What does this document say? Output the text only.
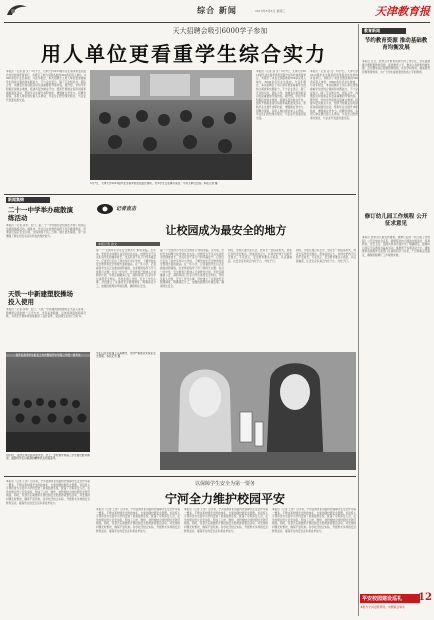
综合 新闻	2013年5月8日 星期三	天津教育报
天大招聘会吸引6000学子参加
用人单位更看重学生综合实力
本报讯（记者 孙 文）5月7日，天津大学2013届毕业生春季供需见面会在该校体育馆举行，共吸引了来自全国各地的300余家用人单位、6000余名毕业生参加。与往年相比，本次招聘会上用人单位更加看重学生的综合素质和实践能力，不少企业表示，除了专业知识外，团队合作、沟通表达和创新意识也是重要的考察内容。据介绍，学校今年积极拓宽就业渠道，搭建多层次就业平台，组织开展就业指导讲座和模拟面试活动，帮助毕业生提升求职技能，增强就业竞争力。招聘会现场，各用人单位展位前人头攒动，毕业生们纷纷递交简历，与企业代表面对面交流。
本报讯（记者 孙 文）5月7日，天津大学2013届毕业生春季供需见面会在该校体育馆举行，共吸引了来自全国各地的300余家用人单位、6000余名毕业生参加。与往年相比，本次招聘会上用人单位更加看重学生的综合素质和实践能力，不少企业表示，除了专业知识外，团队合作、沟通表达和创新意识也是重要的考察内容。据介绍，学校今年积极拓宽就业渠道，搭建多层次就业平台，组织开展就业指导讲座和模拟面试活动，帮助毕业生提升求职技能，增强就业竞争力。招聘会现场，各用人单位展位前人头攒动，毕业生们纷纷递交简历，与企业代表面对面交流。
本报讯（记者 孙 文）5月7日，天津大学2013届毕业生春季供需见面会在该校体育馆举行，共吸引了来自全国各地的300余家用人单位、6000余名毕业生参加。与往年相比，本次招聘会上用人单位更加看重学生的综合素质和实践能力，不少企业表示，除了专业知识外，团队合作、沟通表达和创新意识也是重要的考察内容。据介绍，学校今年积极拓宽就业渠道，搭建多层次就业平台，组织开展就业指导讲座和模拟面试活动，帮助毕业生提升求职技能，增强就业竞争力。招聘会现场，各用人单位展位前人头攒动，毕业生们纷纷递交简历，与企业代表面对面交流。
5月7日，天津大学2013届毕业生春季供需见面会现场，众多学生正在填写简历、与用人单位洽谈。本报记者 摄
新闻集锦
二十一中学举办疏散演练活动
本报讯（记者 张华）近日，第二十一中学组织全校师生开展了防灾应急疏散演练活动。演练中，学生们在老师的指挥下有序撤离教室，迅速到达指定安全区域，全程用时不到三分钟。通过此次演练，进一步增强了师生的安全意识和自我保护能力。
天铁一中新建塑胶操场投入使用
本报讯（记者 李明）近日，天铁一中新建的塑胶操场正式投入使用。新操场总面积约一万平方米，设有标准跑道、足球场和篮球场等设施，为学生开展体育锻炼提供了良好条件，受到师生们的广泛好评。
南开区高考学生报名工作会暨南开中学高三年级一模考试
5月3日，南开区举行高考动员会。会上，学校领导向高三学生提出殷切期望，鼓励同学们以饱满的精神状态迎接高考。
记者直击
让校园成为最安全的地方
本报记者 孙文
第一个'全国中小学生安全教育日'即将来临。近年来，学校安全问题日益受到社会关注。校园安全不仅关系到学生的健康成长，也关系到千家万户的幸福安宁。记者近日走访了我市多所中小学校，了解学校在安全教育和安全管理方面的做法。在一所小学，记者看到学生们正在参加消防演练，在老师的指导下学习使用灭火器；在另一所中学，安全教育已经纳入日常教学计划，学校定期邀请公安、消防等部门专家为学生讲授安全知识。学校负责人介绍，安全工作无小事，学校建立了完善的安全管理制度，明确责任分工，加强校园周边环境治理，确保师生安全。
第一个'全国中小学生安全教育日'即将来临。近年来，学校安全问题日益受到社会关注。校园安全不仅关系到学生的健康成长，也关系到千家万户的幸福安宁。记者近日走访了我市多所中小学校，了解学校在安全教育和安全管理方面的做法。在一所小学，记者看到学生们正在参加消防演练，在老师的指导下学习使用灭火器；在另一所中学，安全教育已经纳入日常教学计划，学校定期邀请公安、消防等部门专家为学生讲授安全知识。学校负责人介绍，安全工作无小事，学校建立了完善的安全管理制度，明确责任分工，加强校园周边环境治理，确保师生安全。
同时，学校还通过家长会、致家长一封信等形式，向家长宣传安全知识，形成家校合力，共同守护孩子们的平安成长。专家表示，安全教育要从小抓起，从点滴做起，让安全意识真正内化于心、外化于行。
同时，学校还通过家长会、致家长一封信等形式，向家长宣传安全知识，形成家校合力，共同守护孩子们的平安成长。专家表示，安全教育要从小抓起，从点滴做起，让安全意识真正内化于心、外化于行。
学生们在实验课上认真操作，学校严格规范实验室安全管理。本报记者 摄
以保障学生安全为第一要务
宁河全力维护校园平安
本报讯（记者 王伟）近年来，宁河县教育系统始终把保障学生安全作为第一要务，不断完善校园安全防控体系，全面加强校园安全管理。该县投入专项资金为全县中小学校安装了视频监控系统，配备了专职保安人员，在学校周边设立治安岗亭，形成了人防、物防、技防相结合的校园安全防范网络。同时，该县还定期组织开展校园安全隐患排查整治活动，对发现的问题及时整改，确保不留死角。各学校还结合实际，开展形式多样的安全教育活动，提高学生的安全意识和自护能力。
本报讯（记者 王伟）近年来，宁河县教育系统始终把保障学生安全作为第一要务，不断完善校园安全防控体系，全面加强校园安全管理。该县投入专项资金为全县中小学校安装了视频监控系统，配备了专职保安人员，在学校周边设立治安岗亭，形成了人防、物防、技防相结合的校园安全防范网络。同时，该县还定期组织开展校园安全隐患排查整治活动，对发现的问题及时整改，确保不留死角。各学校还结合实际，开展形式多样的安全教育活动，提高学生的安全意识和自护能力。
本报讯（记者 王伟）近年来，宁河县教育系统始终把保障学生安全作为第一要务，不断完善校园安全防控体系，全面加强校园安全管理。该县投入专项资金为全县中小学校安装了视频监控系统，配备了专职保安人员，在学校周边设立治安岗亭，形成了人防、物防、技防相结合的校园安全防范网络。同时，该县还定期组织开展校园安全隐患排查整治活动，对发现的问题及时整改，确保不留死角。各学校还结合实际，开展形式多样的安全教育活动，提高学生的安全意识和自护能力。
本报讯（记者 王伟）近年来，宁河县教育系统始终把保障学生安全作为第一要务，不断完善校园安全防控体系，全面加强校园安全管理。该县投入专项资金为全县中小学校安装了视频监控系统，配备了专职保安人员，在学校周边设立治安岗亭，形成了人防、物防、技防相结合的校园安全防范网络。同时，该县还定期组织开展校园安全隐患排查整治活动，对发现的问题及时整改，确保不留死角。各学校还结合实际，开展形式多样的安全教育活动，提高学生的安全意识和自护能力。
平安校园建设巡礼
本报与宁河县教育局、中教联合举办
12
教育新闻
节约教育资源 推动基础教育均衡发展
本报讯 近日，我市召开教育资源节约工作会议，会议强调要合理配置教育资源，促进教育公平，推动义务教育均衡发展。会议要求各区县要统筹规划，优化学校布局，提高教育资源利用效率，为广大学生提供更加优质公平的教育。
修订幼儿园工作规程 公开征求意见
本报讯 教育部日前发布通知，就修订后的《幼儿园工作规程》公开征求社会意见。新规程对幼儿园的办园条件、保育教育、安全卫生、家园共育等方面作出了明确规定，强调幼儿园应当以游戏为基本活动，寓教育于各项活动之中。通知要求各地教育行政部门认真组织学习讨论，广泛听取意见建议，确保规程修订工作取得实效。
